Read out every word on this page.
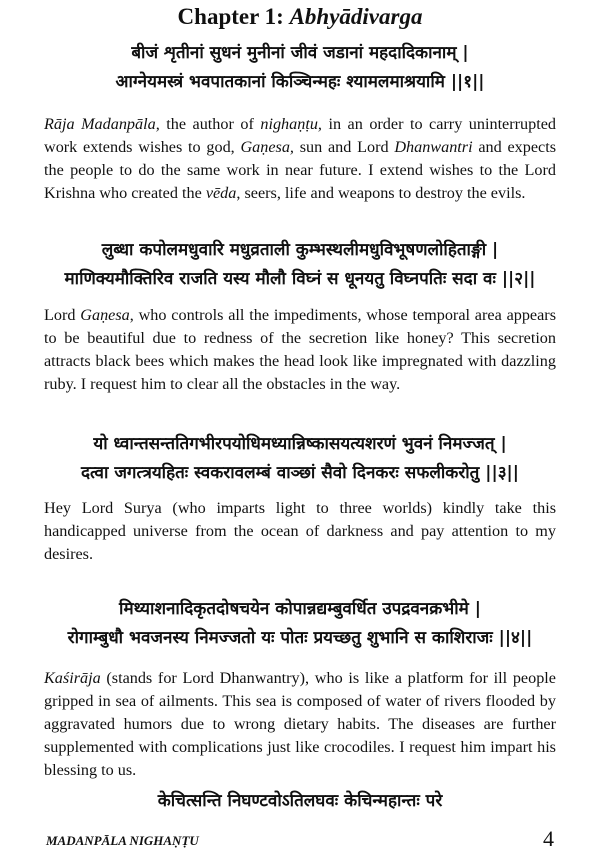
Chapter 1: Abhyādivarga
बीजं शृतीनां सुधनं मुनीनां जीवं जडानां महदादिकानाम् |
आग्नेयमस्त्रं भवपातकानां किञ्चिन्महः श्यामलमाश्रयामि ||१||
Rāja Madanpāla, the author of nighaṇṭu, in an order to carry uninterrupted work extends wishes to god, Gaṇesa, sun and Lord Dhanwantri and expects the people to do the same work in near future. I extend wishes to the Lord Krishna who created the vēda, seers, life and weapons to destroy the evils.
लुब्धा कपोलमधुवारि मधुव्रताली कुम्भस्थलीमधुविभूषणलोहिताङ्गी |
माणिक्यमौक्तिरिव राजति यस्य मौलौ विघ्नं स धूनयतु विघ्नपतिः सदा वः ||२||
Lord Gaṇesa, who controls all the impediments, whose temporal area appears to be beautiful due to redness of the secretion like honey? This secretion attracts black bees which makes the head look like impregnated with dazzling ruby. I request him to clear all the obstacles in the way.
यो ध्वान्तसन्ततिगभीरपयोधिमध्यान्निष्कासयत्यशरणं भुवनं निमज्जत् |
दत्वा जगत्त्रयहितः स्वकरावलम्बं वाञ्छां सैवो दिनकरः सफलीकरोतु ||३||
Hey Lord Surya (who imparts light to three worlds) kindly take this handicapped universe from the ocean of darkness and pay attention to my desires.
मिथ्याशनादिकृतदोषचयेन कोपान्नद्यम्बुवर्धित उपद्रवनक्रभीमे |
रोगाम्बुधौ भवजनस्य निमज्जतो यः पोतः प्रयच्छतु शुभानि स काशिराजः ||४||
Kaśirāja (stands for Lord Dhanwantry), who is like a platform for ill people gripped in sea of ailments. This sea is composed of water of rivers flooded by aggravated humors due to wrong dietary habits. The diseases are further supplemented with complications just like crocodiles. I request him impart his blessing to us.
केचित्सन्ति निघण्टवोऽतिलघवः केचिन्महान्तः परे
MADANPĀLA NIGHAṆṬU	4
